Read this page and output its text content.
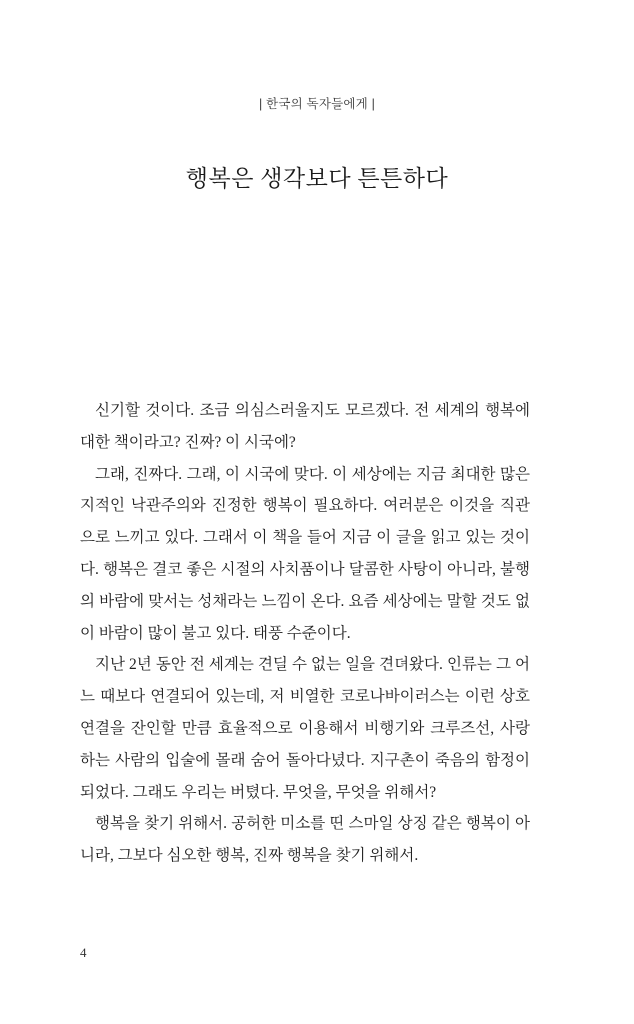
| 한국의 독자들에게 |
행복은 생각보다 튼튼하다

신기할 것이다. 조금 의심스러울지도 모르겠다. 전 세계의 행복에 대한 책이라고? 진짜? 이 시국에?

그래, 진짜다. 그래, 이 시국에 맞다. 이 세상에는 지금 최대한 많은 지적인 낙관주의와 진정한 행복이 필요하다. 여러분은 이것을 직관으로 느끼고 있다. 그래서 이 책을 들어 지금 이 글을 읽고 있는 것이다. 행복은 결코 좋은 시절의 사치품이나 달콤한 사탕이 아니라, 불행의 바람에 맞서는 성채라는 느낌이 온다. 요즘 세상에는 말할 것도 없이 바람이 많이 불고 있다. 태풍 수준이다.

지난 2년 동안 전 세계는 견딜 수 없는 일을 견뎌왔다. 인류는 그 어느 때보다 연결되어 있는데, 저 비열한 코로나바이러스는 이런 상호연결을 잔인할 만큼 효율적으로 이용해서 비행기와 크루즈선, 사랑하는 사람의 입술에 몰래 숨어 돌아다녔다. 지구촌이 죽음의 함정이 되었다. 그래도 우리는 버텼다. 무엇을, 무엇을 위해서?

행복을 찾기 위해서. 공허한 미소를 띤 스마일 상징 같은 행복이 아니라, 그보다 심오한 행복, 진짜 행복을 찾기 위해서.

4
